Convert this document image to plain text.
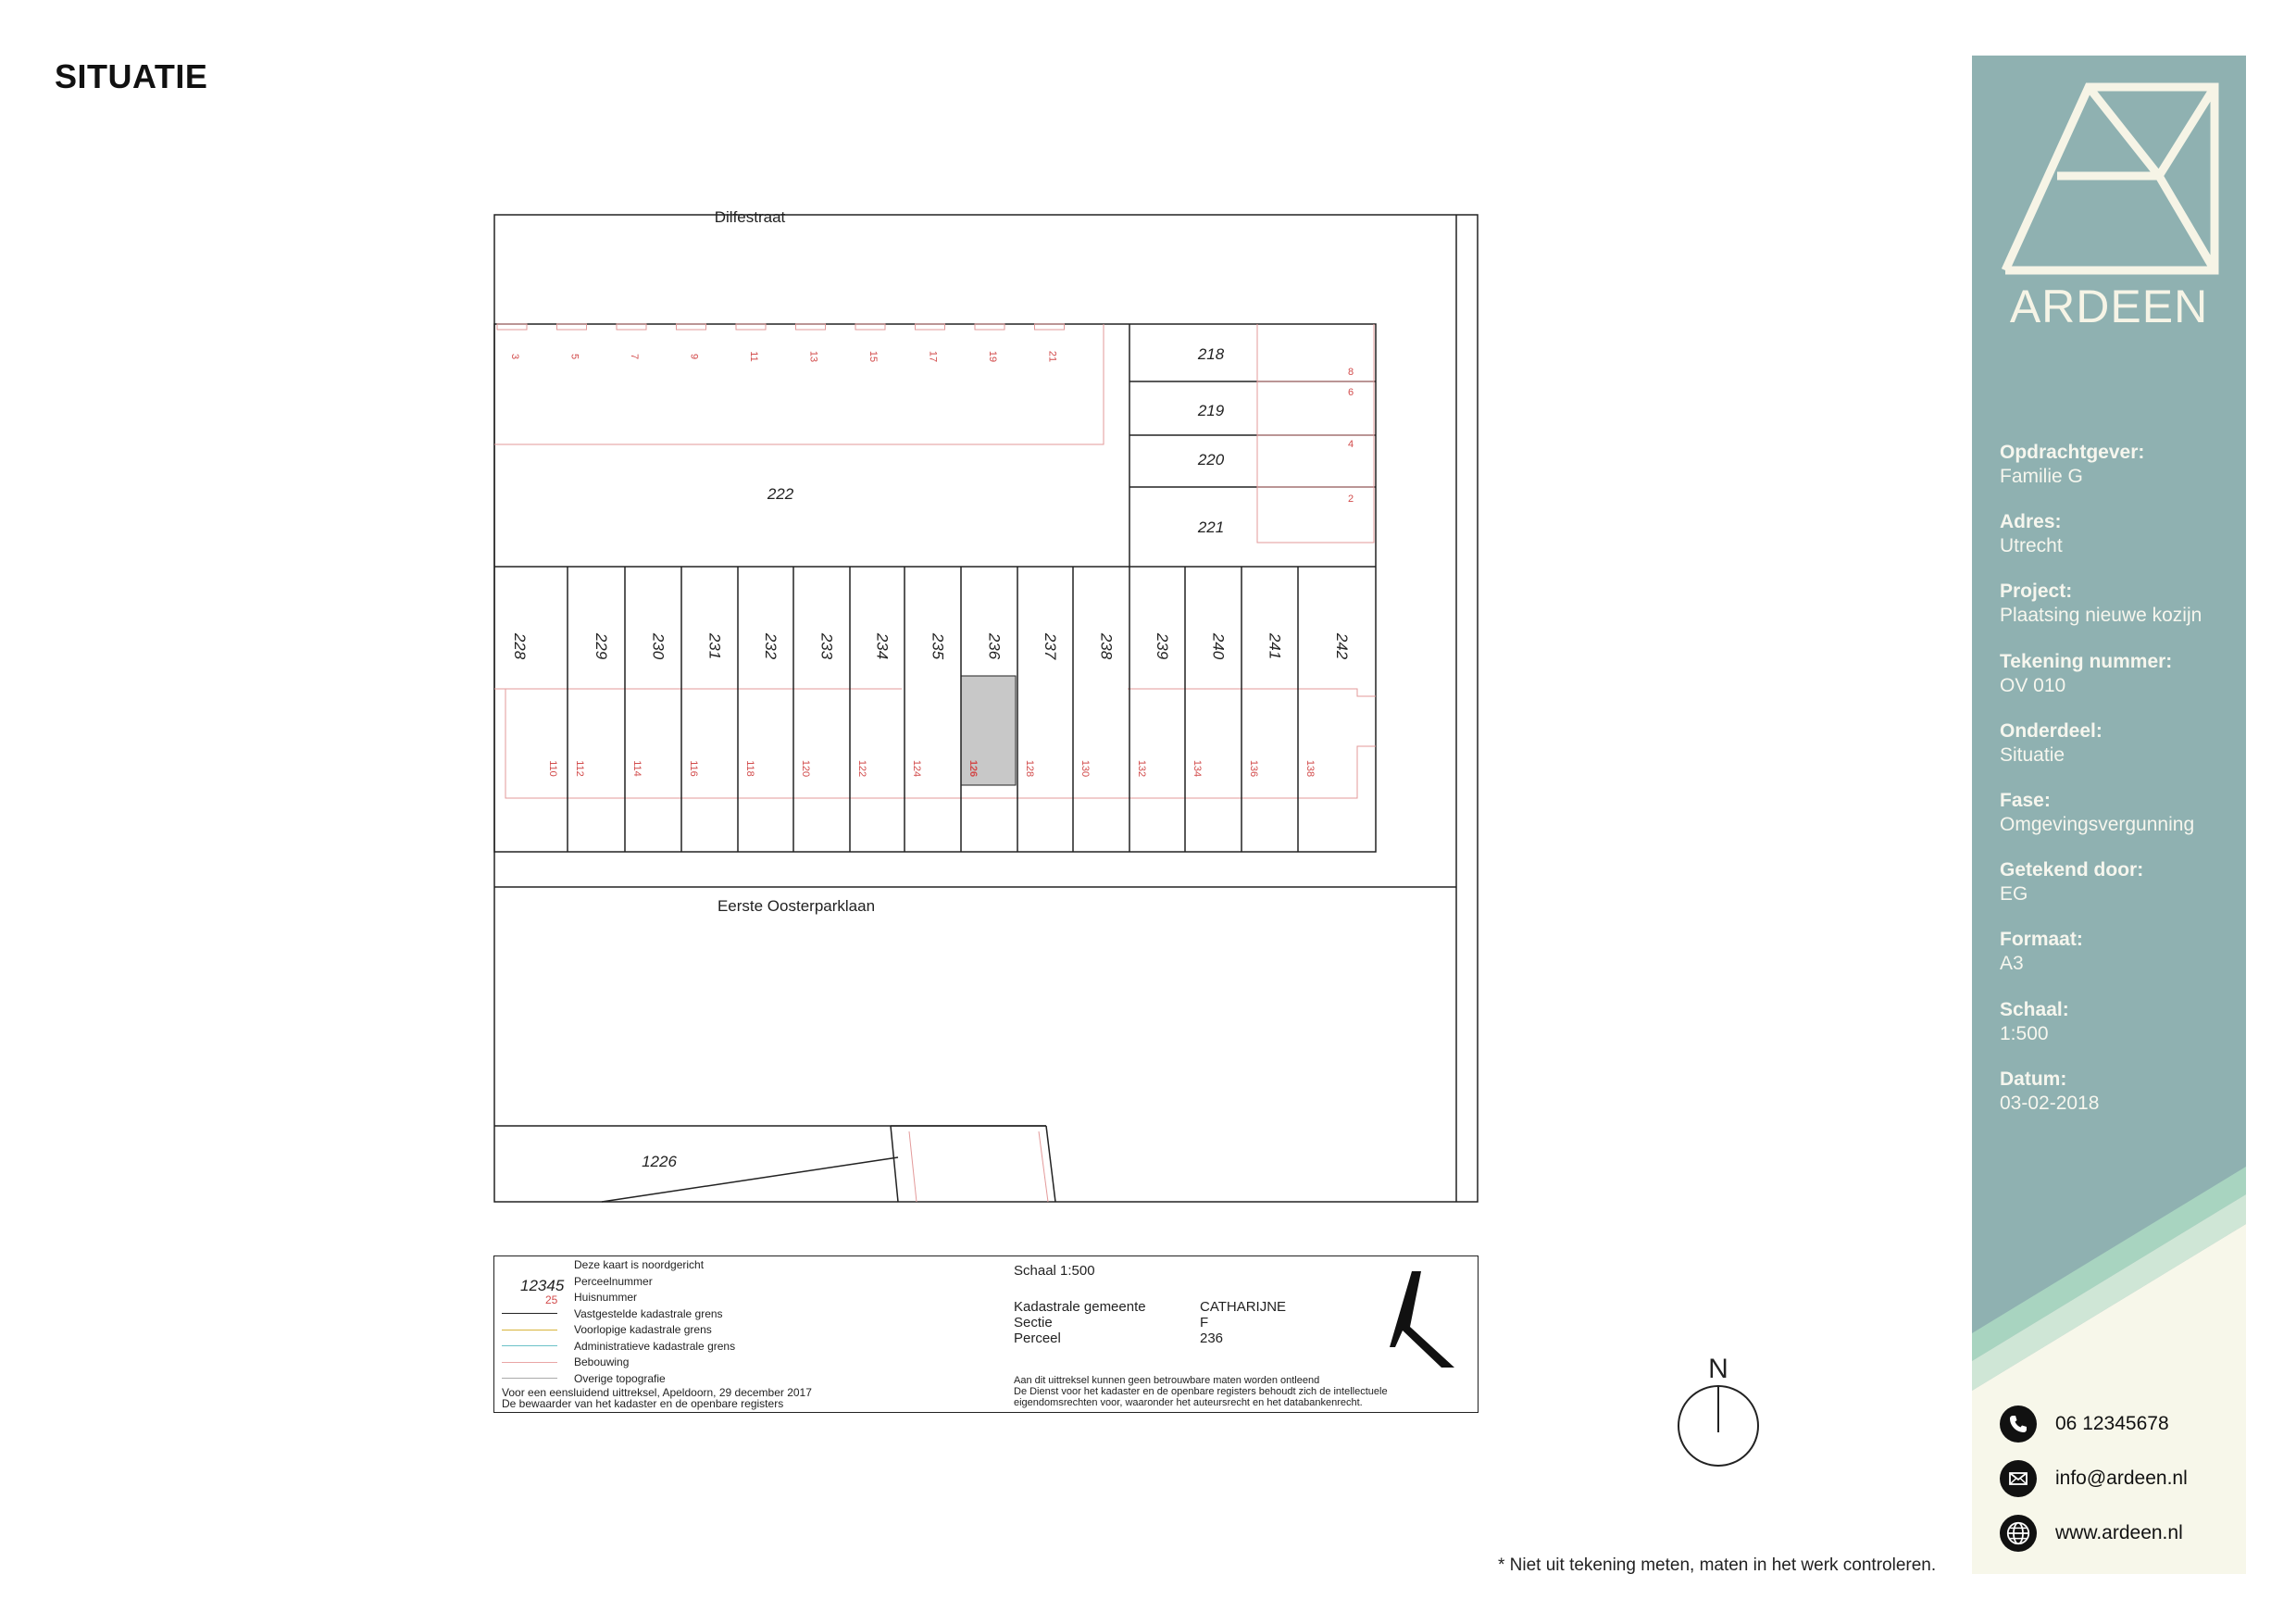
SITUATIE
3	5	7	9	11	13	15	17	19	21	218
219
220
221
8
6
4
2
228	229	230 231 232 233 234 235 236 237 238 239 240 241	242
110 112	114	116	118	120	122	124	126	128	130	132	134	136	138
Dilfestraat
Eerste Oosterparklaan
222
1226
N
12345
25
Deze kaart is noordgericht
Perceelnummer
Huisnummer
Vastgestelde kadastrale grens
Voorlopige kadastrale grens
Administratieve kadastrale grens
Bebouwing
Overige topografie
Voor een eensluidend uittreksel, Apeldoorn, 29 december 2017
De bewaarder van het kadaster en de openbare registers
Schaal 1:500
Kadastrale gemeente	CATHARIJNE
Sectie	F
Perceel	236
Aan dit uittreksel kunnen geen betrouwbare maten worden ontleend
De Dienst voor het kadaster en de openbare registers behoudt zich de intellectuele
eigendomsrechten voor, waaronder het auteursrecht en het databankenrecht.
* Niet uit tekening meten, maten in het werk controleren.
ARDEEN
Opdrachtgever:
Familie G
Adres:
Utrecht
Project:
Plaatsing nieuwe kozijn
Tekening nummer:
OV 010
Onderdeel:
Situatie
Fase:
Omgevingsvergunning
Getekend door:
EG
Formaat:
A3
Schaal:
1:500
Datum:
03-02-2018
06 12345678
info@ardeen.nl
www.ardeen.nl
